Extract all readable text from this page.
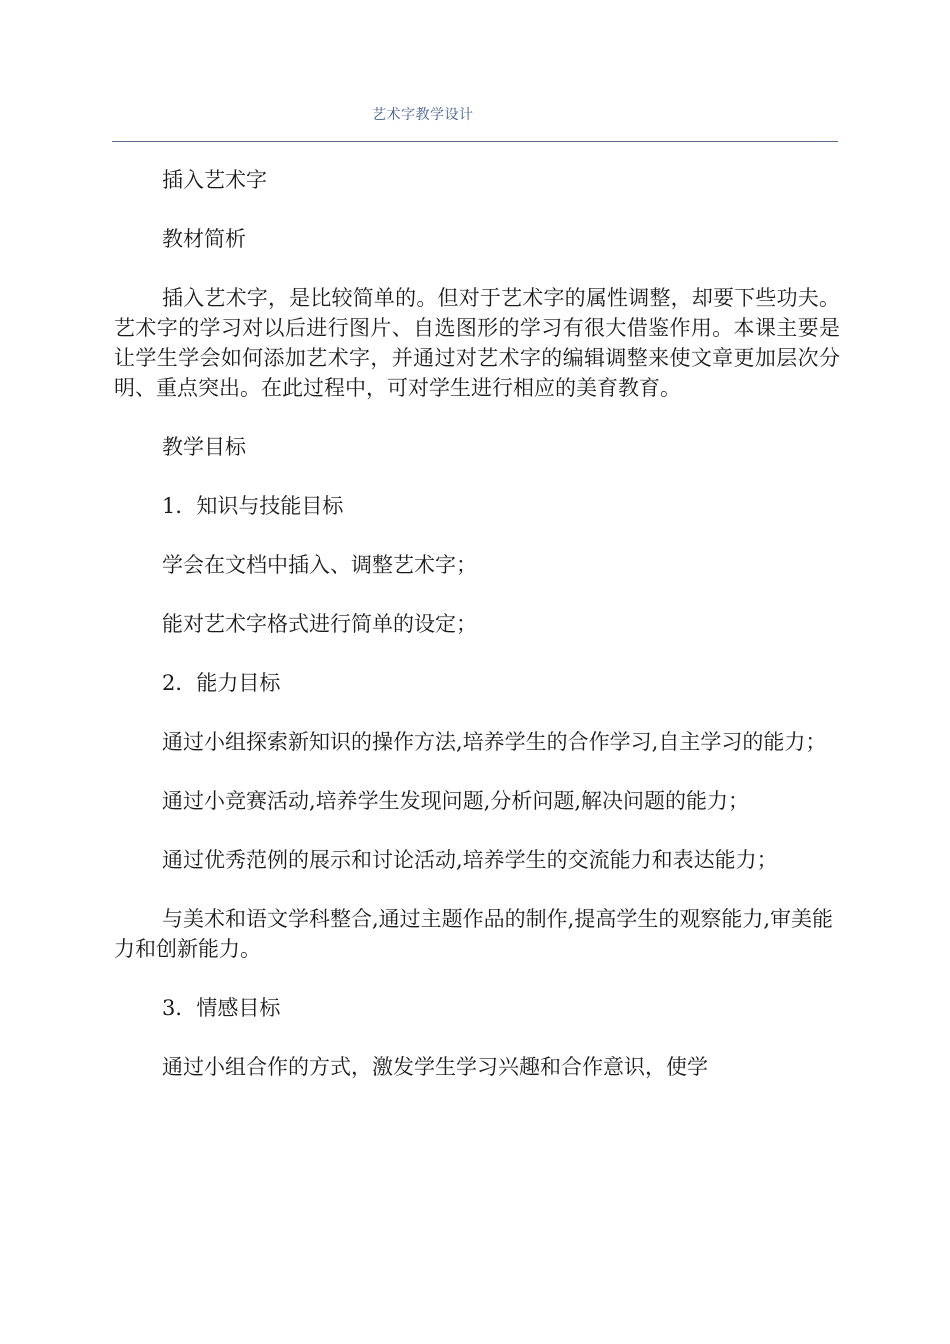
艺术字教学设计

插入艺术字

教材简析

插入艺术字，是比较简单的。但对于艺术字的属性调整，却要下些功夫。艺术字的学习对以后进行图片、自选图形的学习有很大借鉴作用。本课主要是让学生学会如何添加艺术字，并通过对艺术字的编辑调整来使文章更加层次分明、重点突出。在此过程中，可对学生进行相应的美育教育。

教学目标

1．知识与技能目标

学会在文档中插入、调整艺术字；

能对艺术字格式进行简单的设定；

2．能力目标

通过小组探索新知识的操作方法,培养学生的合作学习,自主学习的能力；

通过小竞赛活动,培养学生发现问题,分析问题,解决问题的能力；

通过优秀范例的展示和讨论活动,培养学生的交流能力和表达能力；

与美术和语文学科整合,通过主题作品的制作,提高学生的观察能力,审美能力和创新能力。

3．情感目标

通过小组合作的方式，激发学生学习兴趣和合作意识，使学
